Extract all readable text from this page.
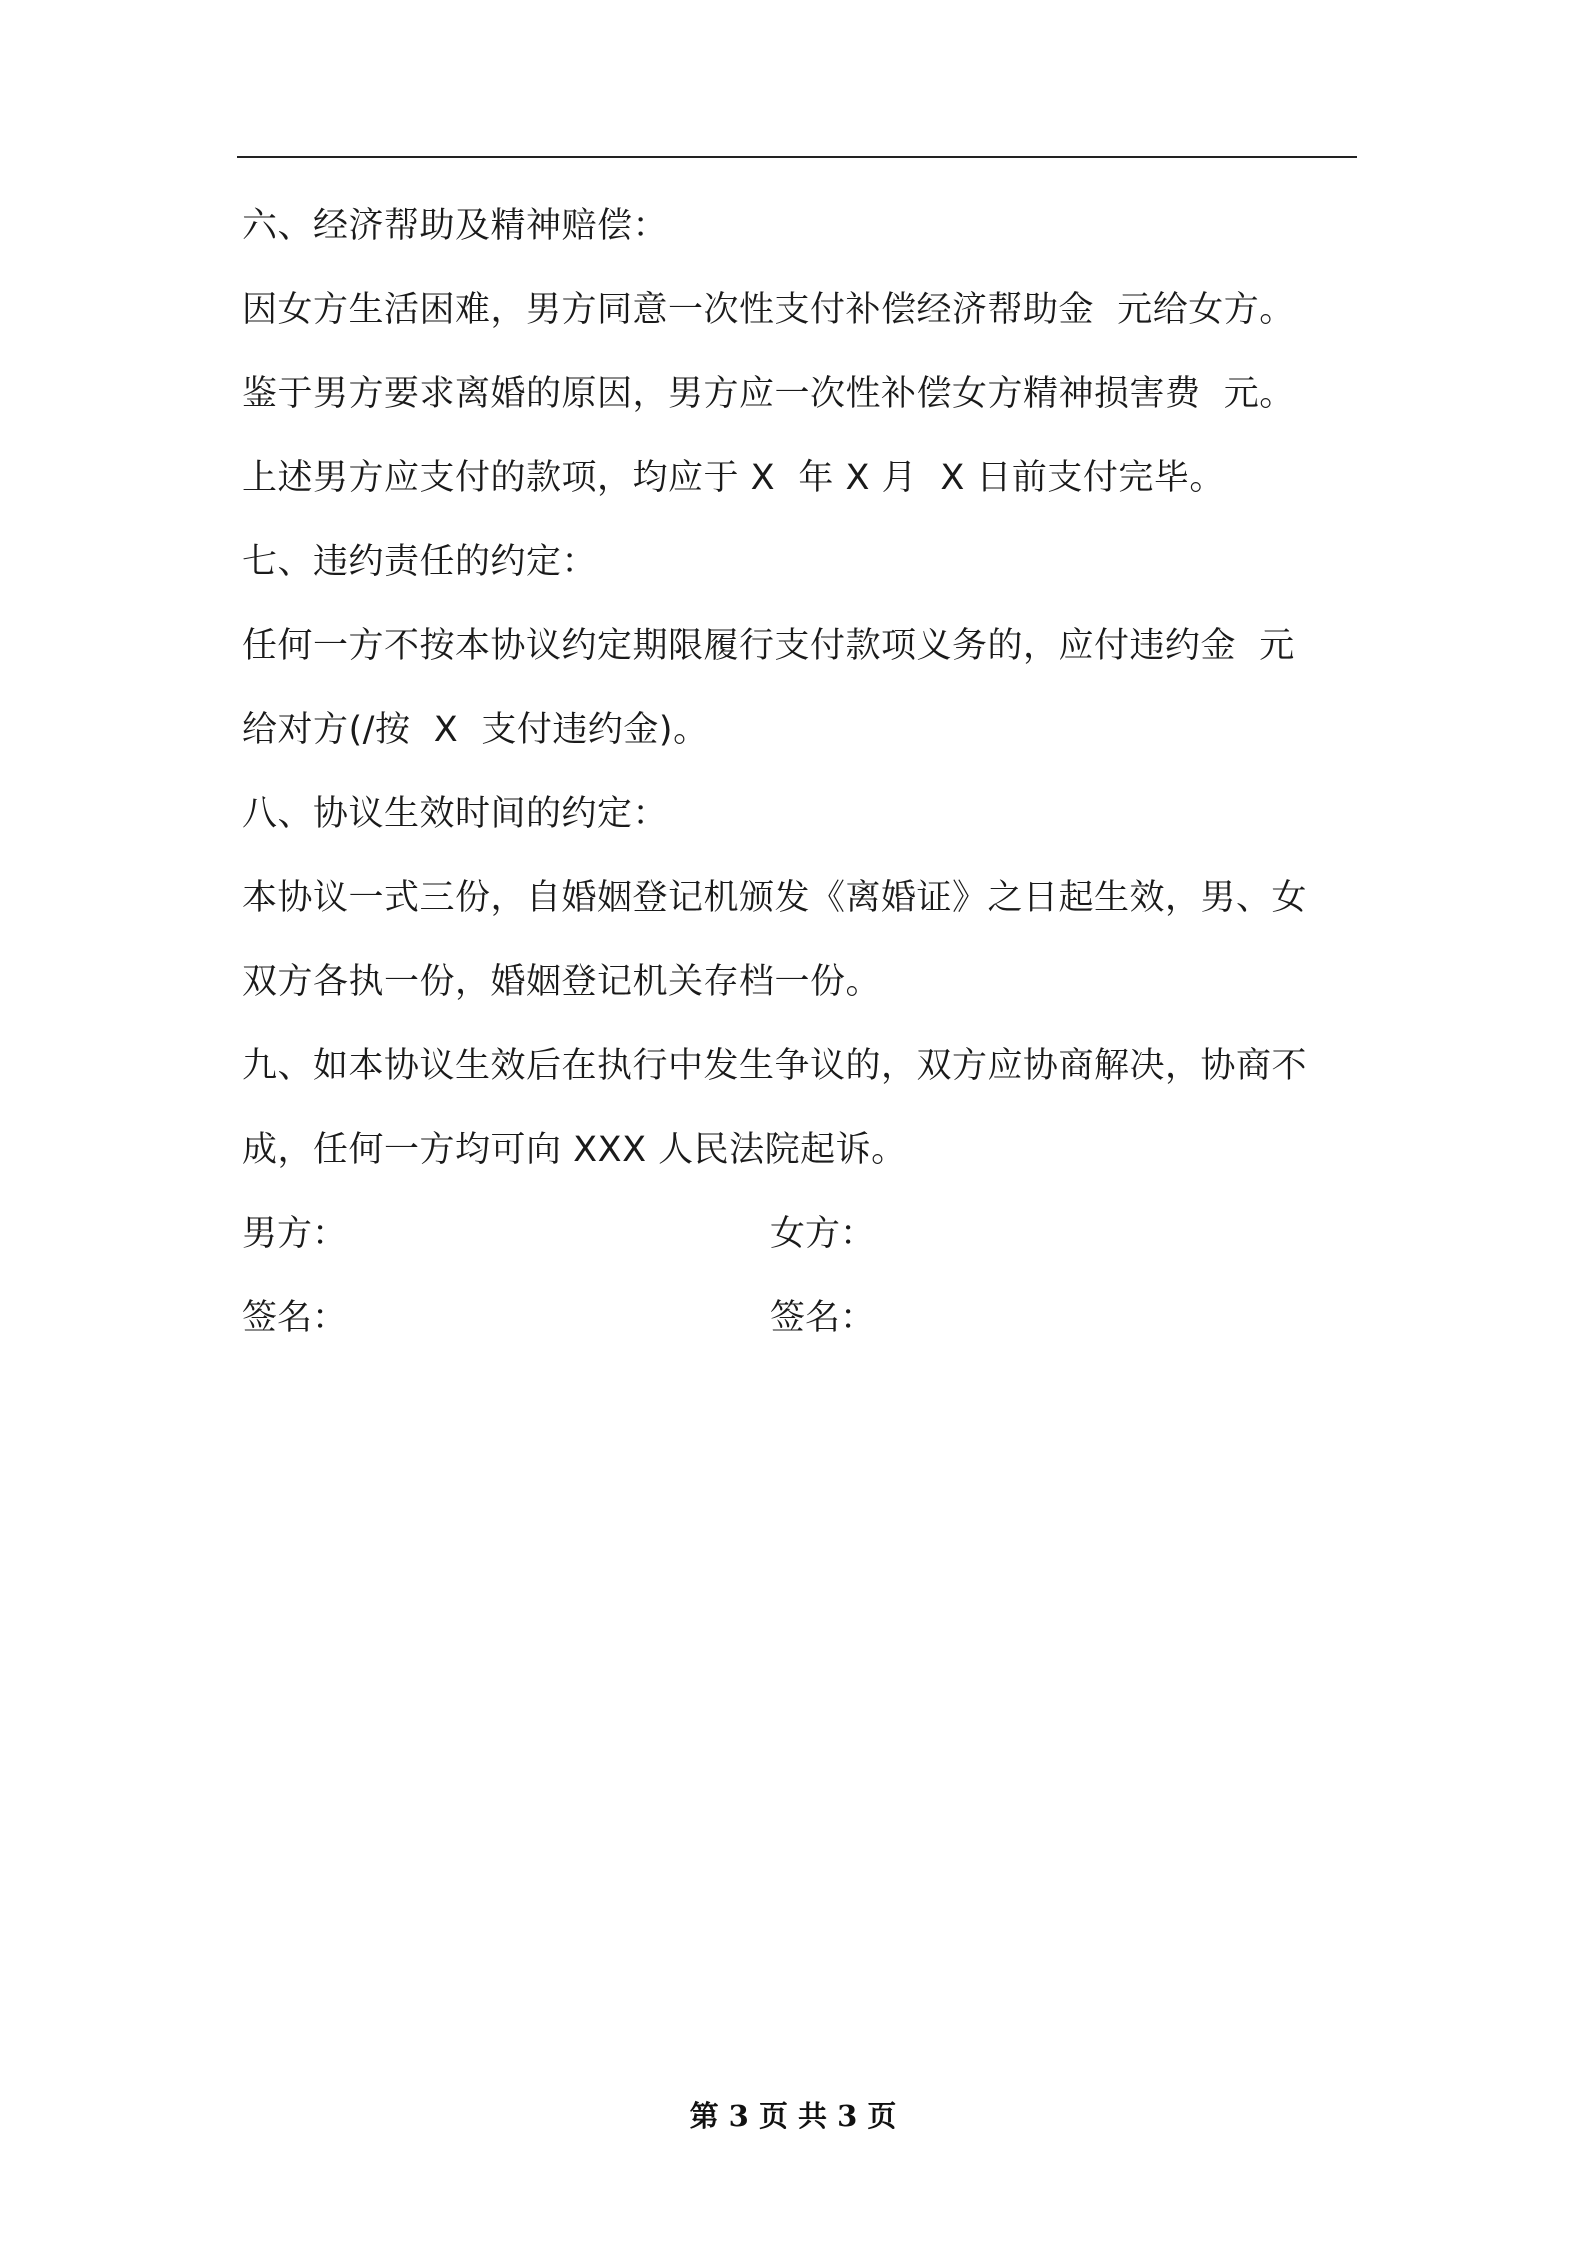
六、经济帮助及精神赔偿：
因女方生活困难，男方同意一次性支付补偿经济帮助金  元给女方。
鉴于男方要求离婚的原因，男方应一次性补偿女方精神损害费  元。
上述男方应支付的款项，均应于 X  年 X 月  X 日前支付完毕。
七、违约责任的约定：
任何一方不按本协议约定期限履行支付款项义务的，应付违约金  元
给对方(/按  X  支付违约金)。
八、协议生效时间的约定：
本协议一式三份，自婚姻登记机颁发《离婚证》之日起生效，男、女
双方各执一份，婚姻登记机关存档一份。
九、如本协议生效后在执行中发生争议的，双方应协商解决，协商不
成，任何一方均可向 XXX 人民法院起诉。
男方：	女方：
签名：	签名：
第 3 页 共 3 页
